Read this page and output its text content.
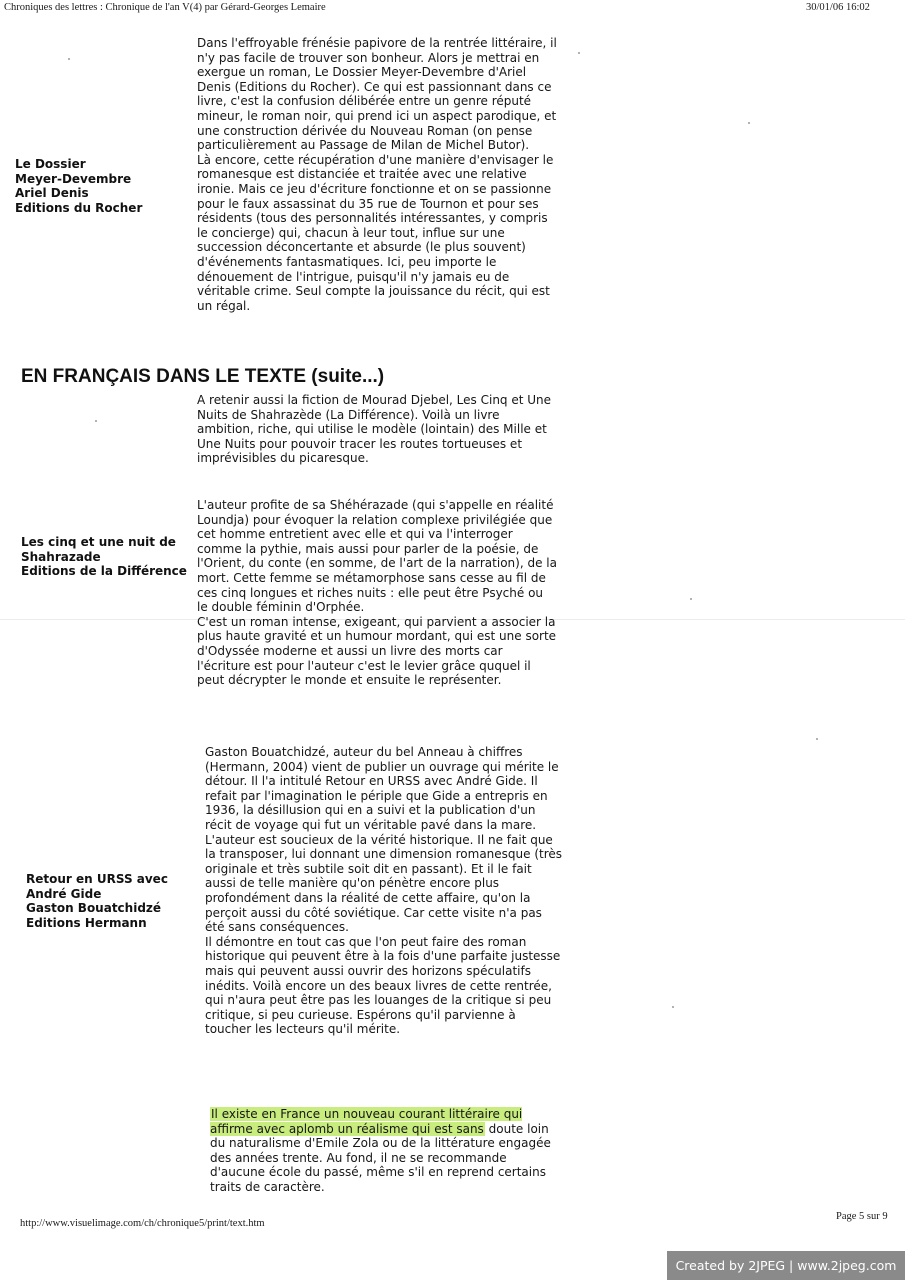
Chroniques des lettres : Chronique de l'an V(4) par Gérard-Georges Lemaire	30/01/06 16:02
Le Dossier
Meyer-Devembre
Ariel Denis
Editions du Rocher

Dans l'effroyable frénésie papivore de la rentrée littéraire, il n'y pas facile de trouver son bonheur. Alors je mettrai en exergue un roman, Le Dossier Meyer-Devembre d'Ariel Denis (Editions du Rocher). Ce qui est passionnant dans ce livre, c'est la confusion délibérée entre un genre réputé mineur, le roman noir, qui prend ici un aspect parodique, et une construction dérivée du Nouveau Roman (on pense particulièrement au Passage de Milan de Michel Butor).

Là encore, cette récupération d'une manière d'envisager le romanesque est distanciée et traitée avec une relative ironie. Mais ce jeu d'écriture fonctionne et on se passionne pour le faux assassinat du 35 rue de Tournon et pour ses résidents (tous des personnalités intéressantes, y compris le concierge) qui, chacun à leur tout, influe sur une succession déconcertante et absurde (le plus souvent) d'événements fantasmatiques. Ici, peu importe le dénouement de l'intrigue, puisqu'il n'y jamais eu de véritable crime. Seul compte la jouissance du récit, qui est un régal.

EN FRANÇAIS DANS LE TEXTE (suite...)
Les cinq et une nuit de
Shahrazade
Editions de la Différence

A retenir aussi la fiction de Mourad Djebel, Les Cinq et Une Nuits de Shahrazède (La Différence). Voilà un livre ambition, riche, qui utilise le modèle (lointain) des Mille et Une Nuits pour pouvoir tracer les routes tortueuses et imprévisibles du picaresque.

L'auteur profite de sa Shéhérazade (qui s'appelle en réalité Loundja) pour évoquer la relation complexe privilégiée que cet homme entretient avec elle et qui va l'interroger comme la pythie, mais aussi pour parler de la poésie, de l'Orient, du conte (en somme, de l'art de la narration), de la mort. Cette femme se métamorphose sans cesse au fil de ces cinq longues et riches nuits : elle peut être Psyché ou le double féminin d'Orphée.

C'est un roman intense, exigeant, qui parvient a associer la plus haute gravité et un humour mordant, qui est une sorte d'Odyssée moderne et aussi un livre des morts car l'écriture est pour l'auteur c'est le levier grâce ququel il peut décrypter le monde et ensuite le représenter.

Retour en URSS avec
André Gide
Gaston Bouatchidzé
Editions Hermann

Gaston Bouatchidzé, auteur du bel Anneau à chiffres (Hermann, 2004) vient de publier un ouvrage qui mérite le détour. Il l'a intitulé Retour en URSS avec André Gide. Il refait par l'imagination le périple que Gide a entrepris en 1936, la désillusion qui en a suivi et la publication d'un récit de voyage qui fut un véritable pavé dans la mare. L'auteur est soucieux de la vérité historique. Il ne fait que la transposer, lui donnant une dimension romanesque (très originale et très subtile soit dit en passant). Et il le fait aussi de telle manière qu'on pénètre encore plus profondément dans la réalité de cette affaire, qu'on la perçoit aussi du côté soviétique. Car cette visite n'a pas été sans conséquences.

Il démontre en tout cas que l'on peut faire des roman historique qui peuvent être à la fois d'une parfaite justesse mais qui peuvent aussi ouvrir des horizons spéculatifs inédits. Voilà encore un des beaux livres de cette rentrée, qui n'aura peut être pas les louanges de la critique si peu critique, si peu curieuse. Espérons qu'il parvienne à toucher les lecteurs qu'il mérite.

Il existe en France un nouveau courant littéraire qui affirme avec aplomb un réalisme qui est sans doute loin du naturalisme d'Emile Zola ou de la littérature engagée des années trente. Au fond, il ne se recommande d'aucune école du passé, même s'il en reprend certains traits de caractère.

http://www.visuelimage.com/ch/chronique5/print/text.htm
Page 5 sur 9
Created by 2JPEG | www.2jpeg.com
